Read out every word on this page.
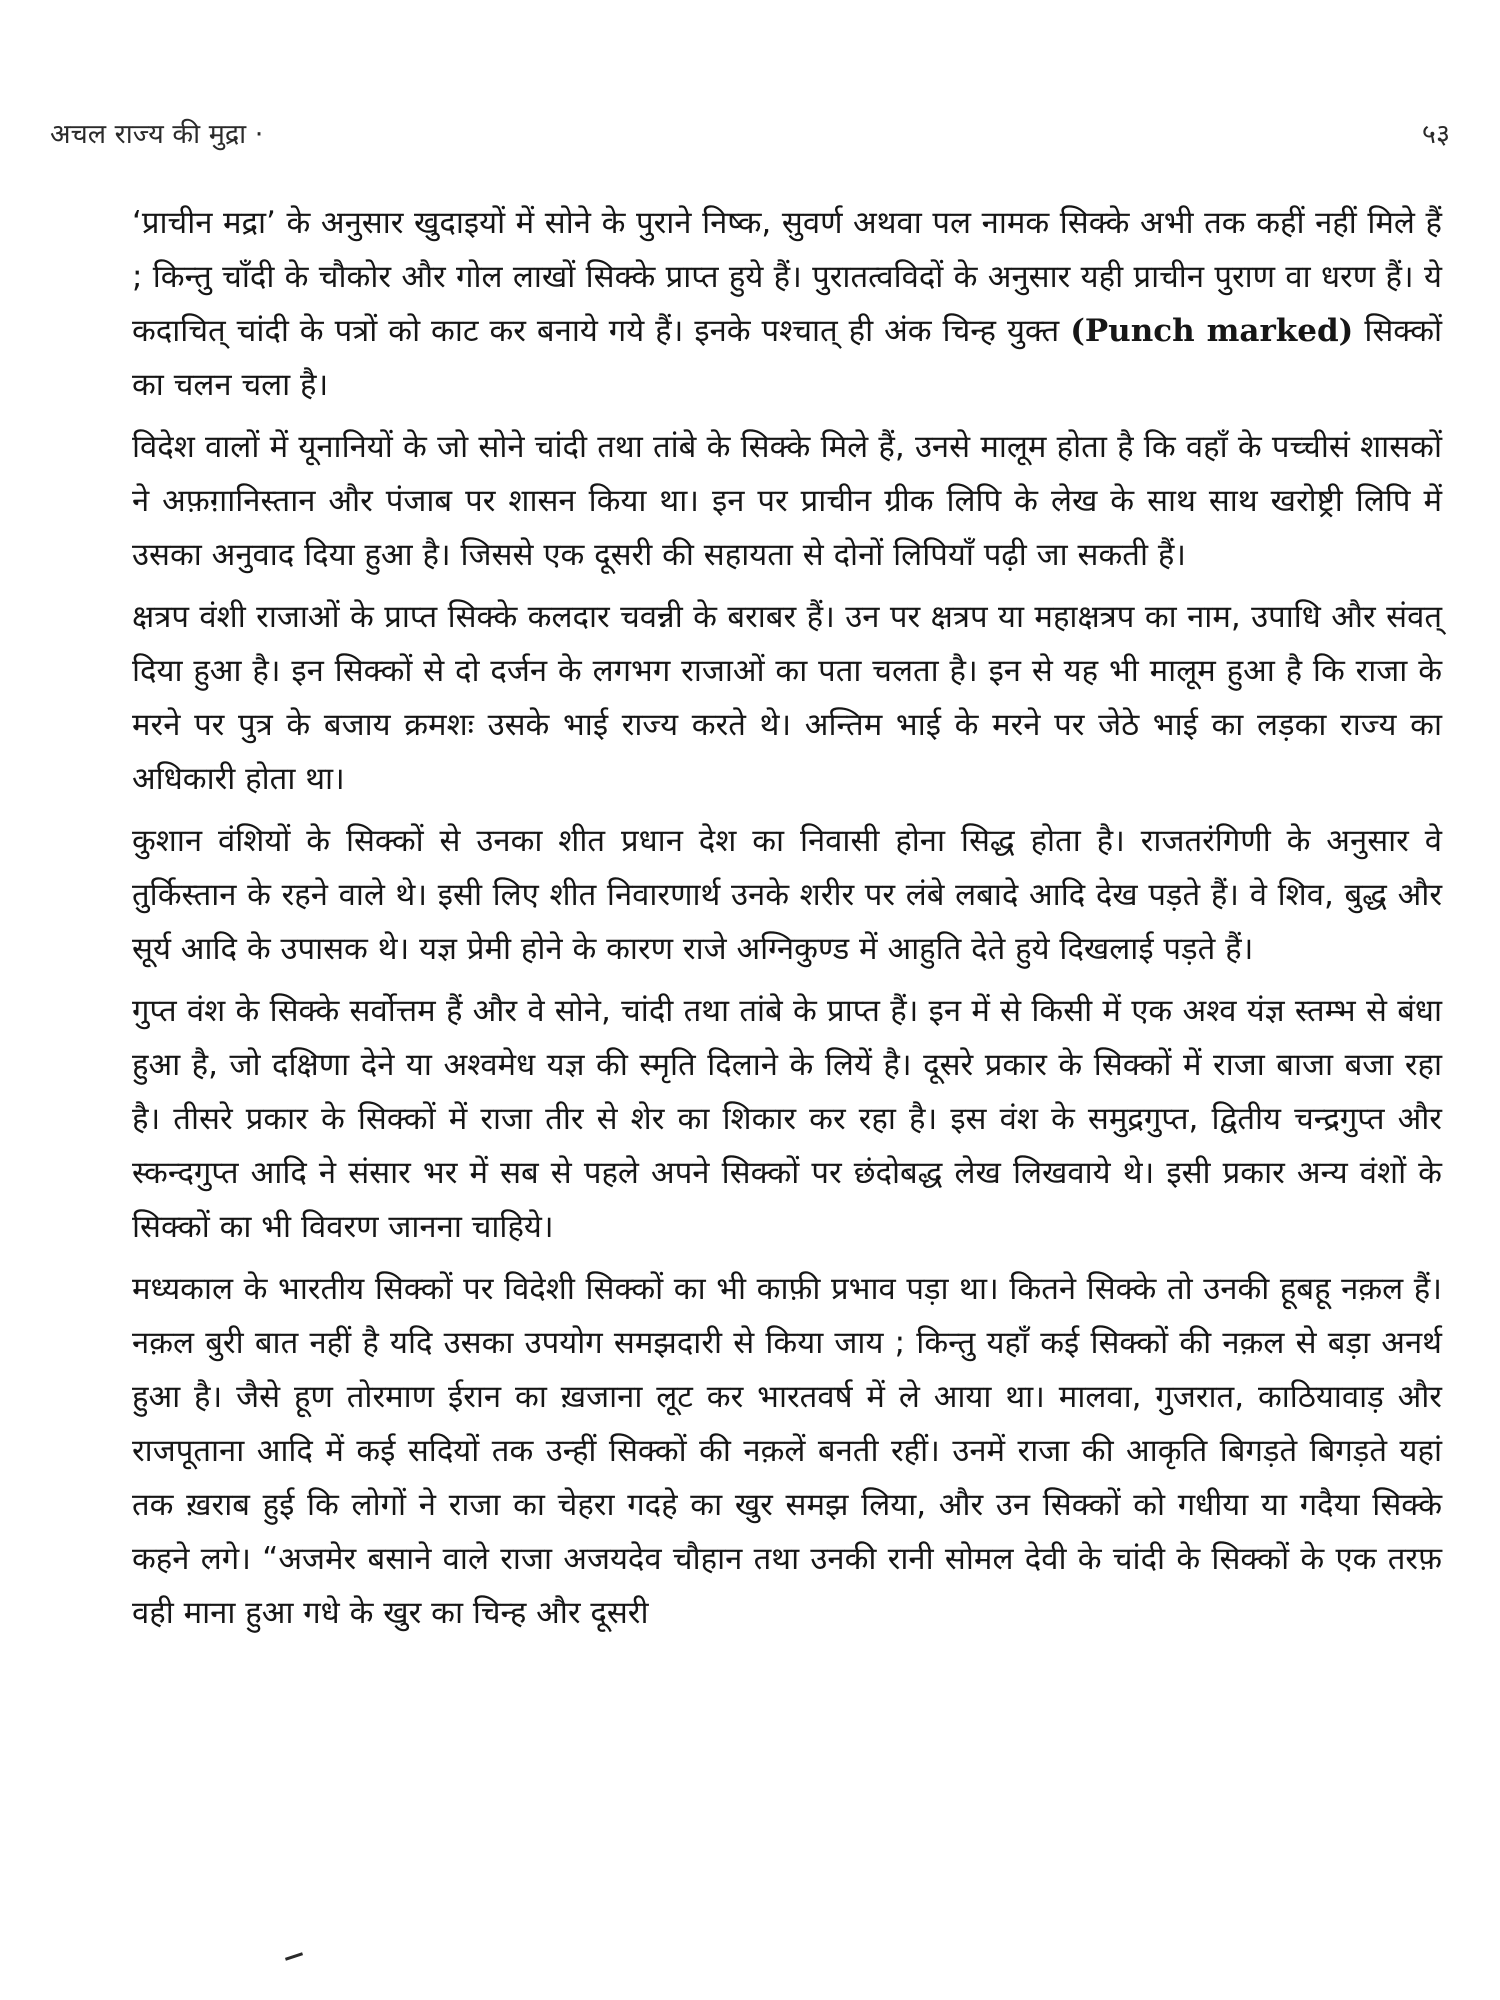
अचल राज्य की मुद्रा ·	५३

‘प्राचीन मद्रा’ के अनुसार खुदाइयों में सोने के पुराने निष्क, सुवर्ण अथवा पल नामक सिक्के अभी तक कहीं नहीं मिले हैं ; किन्तु चाँदी के चौकोर और गोल लाखों सिक्के प्राप्त हुये हैं। पुरातत्वविदों के अनुसार यही प्राचीन पुराण वा धरण हैं। ये कदाचित् चांदी के पत्रों को काट कर बनाये गये हैं। इनके पश्चात् ही अंक चिन्ह युक्त (Punch marked) सिक्कों का चलन चला है।

विदेश वालों में यूनानियों के जो सोने चांदी तथा तांबे के सिक्के मिले हैं, उनसे मालूम होता है कि वहाँ के पच्चीसं शासकों ने अफ़ग़ानिस्तान और पंजाब पर शासन किया था। इन पर प्राचीन ग्रीक लिपि के लेख के साथ साथ खरोष्ट्री लिपि में उसका अनुवाद दिया हुआ है। जिससे एक दूसरी की सहायता से दोनों लिपियाँ पढ़ी जा सकती हैं।

क्षत्रप वंशी राजाओं के प्राप्त सिक्के कलदार चवन्नी के बराबर हैं। उन पर क्षत्रप या महाक्षत्रप का नाम, उपाधि और संवत् दिया हुआ है। इन सिक्कों से दो दर्जन के लगभग राजाओं का पता चलता है। इन से यह भी मालूम हुआ है कि राजा के मरने पर पुत्र के बजाय क्रमशः उसके भाई राज्य करते थे। अन्तिम भाई के मरने पर जेठे भाई का लड़का राज्य का अधिकारी होता था।

कुशान वंशियों के सिक्कों से उनका शीत प्रधान देश का निवासी होना सिद्ध होता है। राजतरंगिणी के अनुसार वे तुर्किस्तान के रहने वाले थे। इसी लिए शीत निवारणार्थ उनके शरीर पर लंबे लबादे आदि देख पड़ते हैं। वे शिव, बुद्ध और सूर्य आदि के उपासक थे। यज्ञ प्रेमी होने के कारण राजे अग्निकुण्ड में आहुति देते हुये दिखलाई पड़ते हैं।

गुप्त वंश के सिक्के सर्वोत्तम हैं और वे सोने, चांदी तथा तांबे के प्राप्त हैं। इन में से किसी में एक अश्व यंज्ञ स्तम्भ से बंधा हुआ है, जो दक्षिणा देने या अश्वमेध यज्ञ की स्मृति दिलाने के लियें है। दूसरे प्रकार के सिक्कों में राजा बाजा बजा रहा है। तीसरे प्रकार के सिक्कों में राजा तीर से शेर का शिकार कर रहा है। इस वंश के समुद्रगुप्त, द्वितीय चन्द्रगुप्त और स्कन्दगुप्त आदि ने संसार भर में सब से पहले अपने सिक्कों पर छंदोबद्ध लेख लिखवाये थे। इसी प्रकार अन्य वंशों के सिक्कों का भी विवरण जानना चाहिये।

मध्यकाल के भारतीय सिक्कों पर विदेशी सिक्कों का भी काफ़ी प्रभाव पड़ा था। कितने सिक्के तो उनकी हूबहू नक़ल हैं। नक़ल बुरी बात नहीं है यदि उसका उपयोग समझदारी से किया जाय ; किन्तु यहाँ कई सिक्कों की नक़ल से बड़ा अनर्थ हुआ है। जैसे हूण तोरमाण ईरान का ख़जाना लूट कर भारतवर्ष में ले आया था। मालवा, गुजरात, काठियावाड़ और राजपूताना आदि में कई सदियों तक उन्हीं सिक्कों की नक़लें बनती रहीं। उनमें राजा की आकृति बिगड़ते बिगड़ते यहां तक ख़राब हुई कि लोगों ने राजा का चेहरा गदहे का खुर समझ लिया, और उन सिक्कों को गधीया या गदैया सिक्के कहने लगे। “अजमेर बसाने वाले राजा अजयदेव चौहान तथा उनकी रानी सोमल देवी के चांदी के सिक्कों के एक तरफ़ वही माना हुआ गधे के खुर का चिन्ह और दूसरी
